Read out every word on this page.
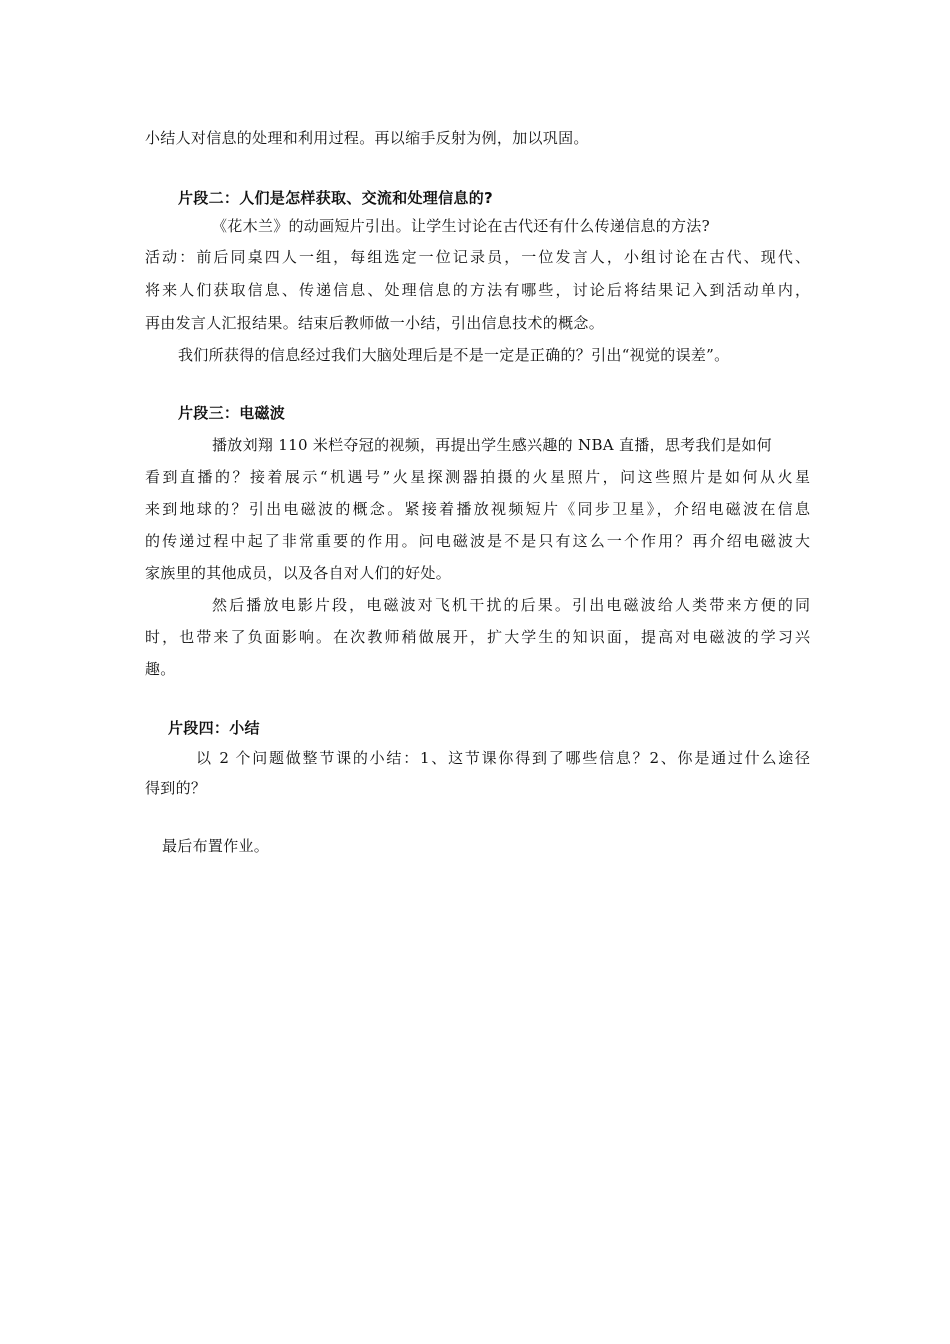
小结人对信息的处理和利用过程。再以缩手反射为例，加以巩固。
片段二：人们是怎样获取、交流和处理信息的?
《花木兰》的动画短片引出。让学生讨论在古代还有什么传递信息的方法?
活动：前后同桌四人一组，每组选定一位记录员，一位发言人，小组讨论在古代、现代、
将来人们获取信息、传递信息、处理信息的方法有哪些，讨论后将结果记入到活动单内，
再由发言人汇报结果。结束后教师做一小结，引出信息技术的概念。
我们所获得的信息经过我们大脑处理后是不是一定是正确的？引出“视觉的误差”。
片段三：电磁波
播放刘翔 110 米栏夺冠的视频，再提出学生感兴趣的 NBA 直播，思考我们是如何
看到直播的？接着展示“机遇号”火星探测器拍摄的火星照片，问这些照片是如何从火星
来到地球的？引出电磁波的概念。紧接着播放视频短片《同步卫星》，介绍电磁波在信息
的传递过程中起了非常重要的作用。问电磁波是不是只有这么一个作用？再介绍电磁波大
家族里的其他成员，以及各自对人们的好处。
然后播放电影片段，电磁波对飞机干扰的后果。引出电磁波给人类带来方便的同
时，也带来了负面影响。在次教师稍做展开，扩大学生的知识面，提高对电磁波的学习兴
趣。
片段四：小结
以 2 个问题做整节课的小结：1、这节课你得到了哪些信息？2、你是通过什么途径
得到的？
最后布置作业。
